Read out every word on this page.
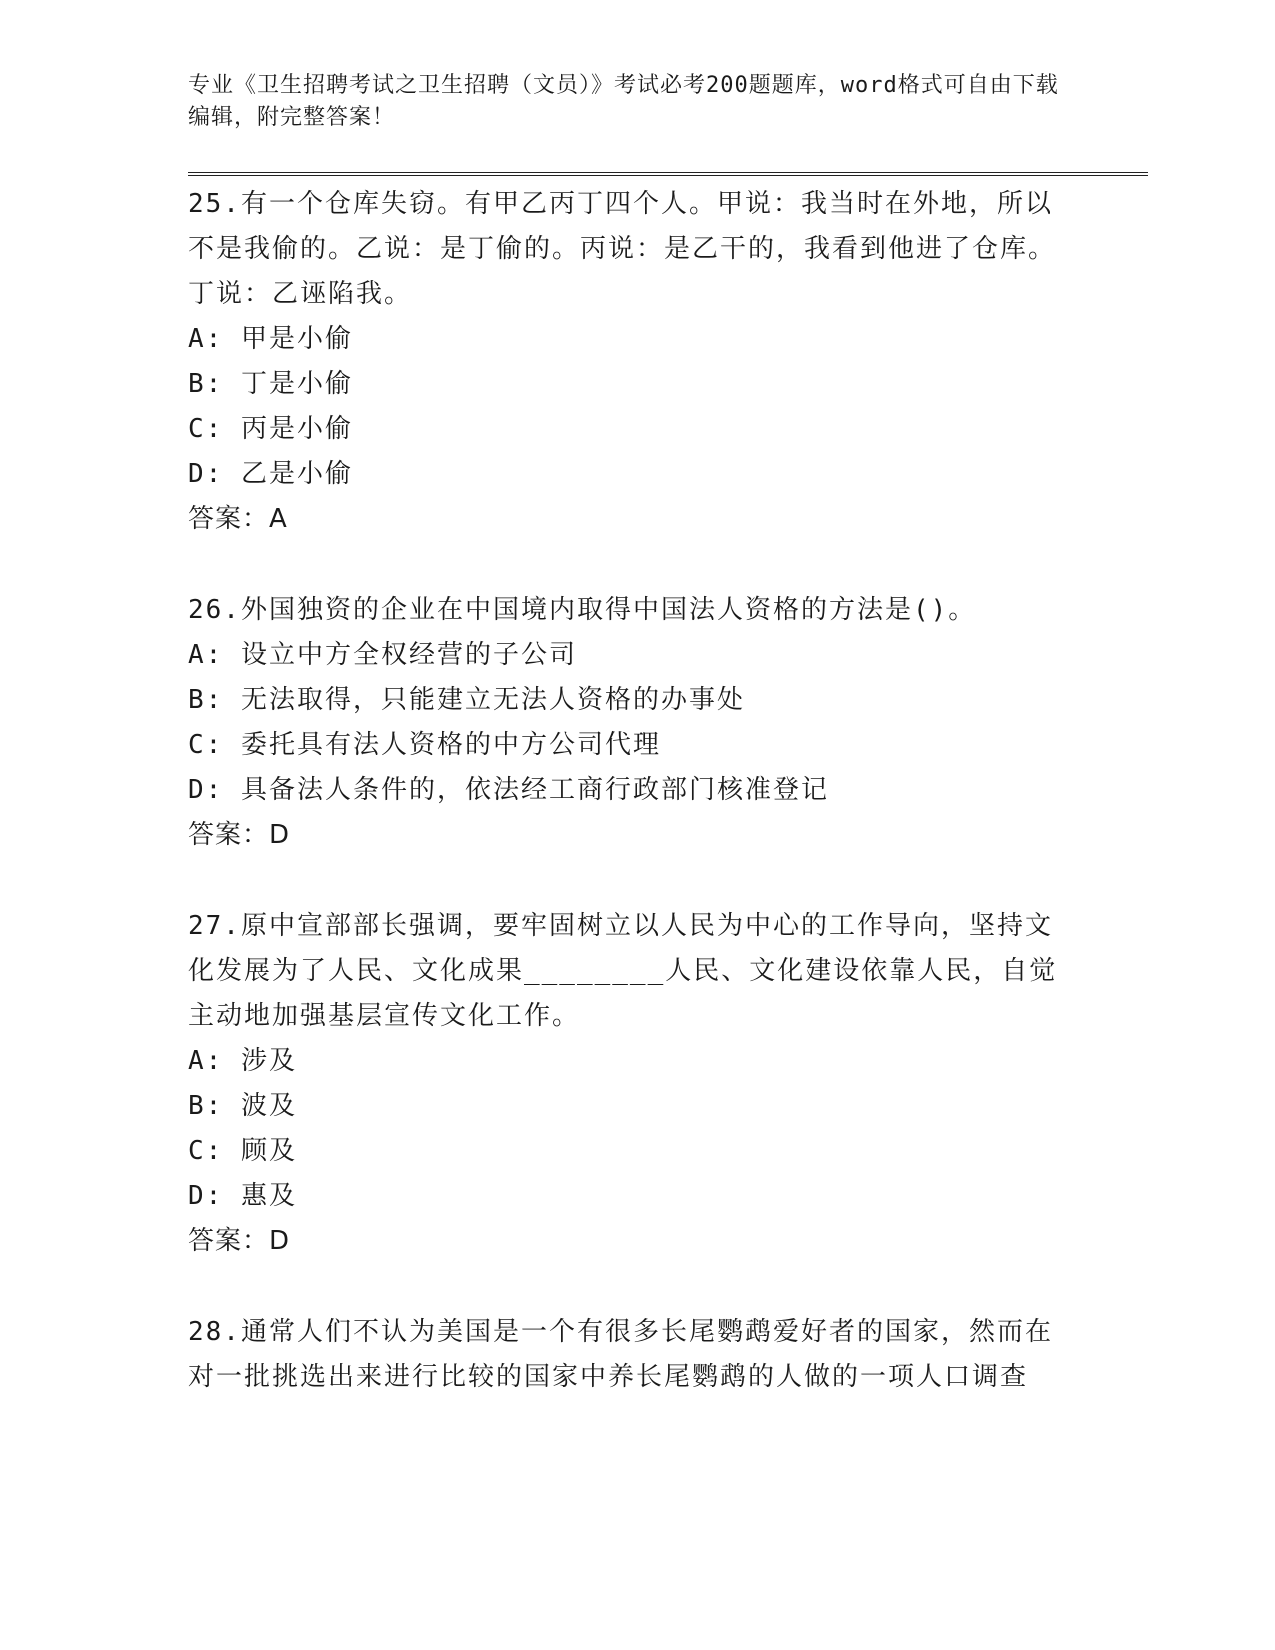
专业《卫生招聘考试之卫生招聘（文员）》考试必考200题题库，word格式可自由下载编辑，附完整答案！

25.有一个仓库失窃。有甲乙丙丁四个人。甲说：我当时在外地，所以不是我偷的。乙说：是丁偷的。丙说：是乙干的，我看到他进了仓库。丁说：乙诬陷我。

A: 甲是小偷

B: 丁是小偷

C: 丙是小偷

D: 乙是小偷

答案：A

26.外国独资的企业在中国境内取得中国法人资格的方法是()。

A: 设立中方全权经营的子公司

B: 无法取得，只能建立无法人资格的办事处

C: 委托具有法人资格的中方公司代理

D: 具备法人条件的，依法经工商行政部门核准登记

答案：D

27.原中宣部部长强调，要牢固树立以人民为中心的工作导向，坚持文化发展为了人民、文化成果________人民、文化建设依靠人民，自觉主动地加强基层宣传文化工作。

A: 涉及

B: 波及

C: 顾及

D: 惠及

答案：D

28.通常人们不认为美国是一个有很多长尾鹦鹉爱好者的国家，然而在对一批挑选出来进行比较的国家中养长尾鹦鹉的人做的一项人口调查
